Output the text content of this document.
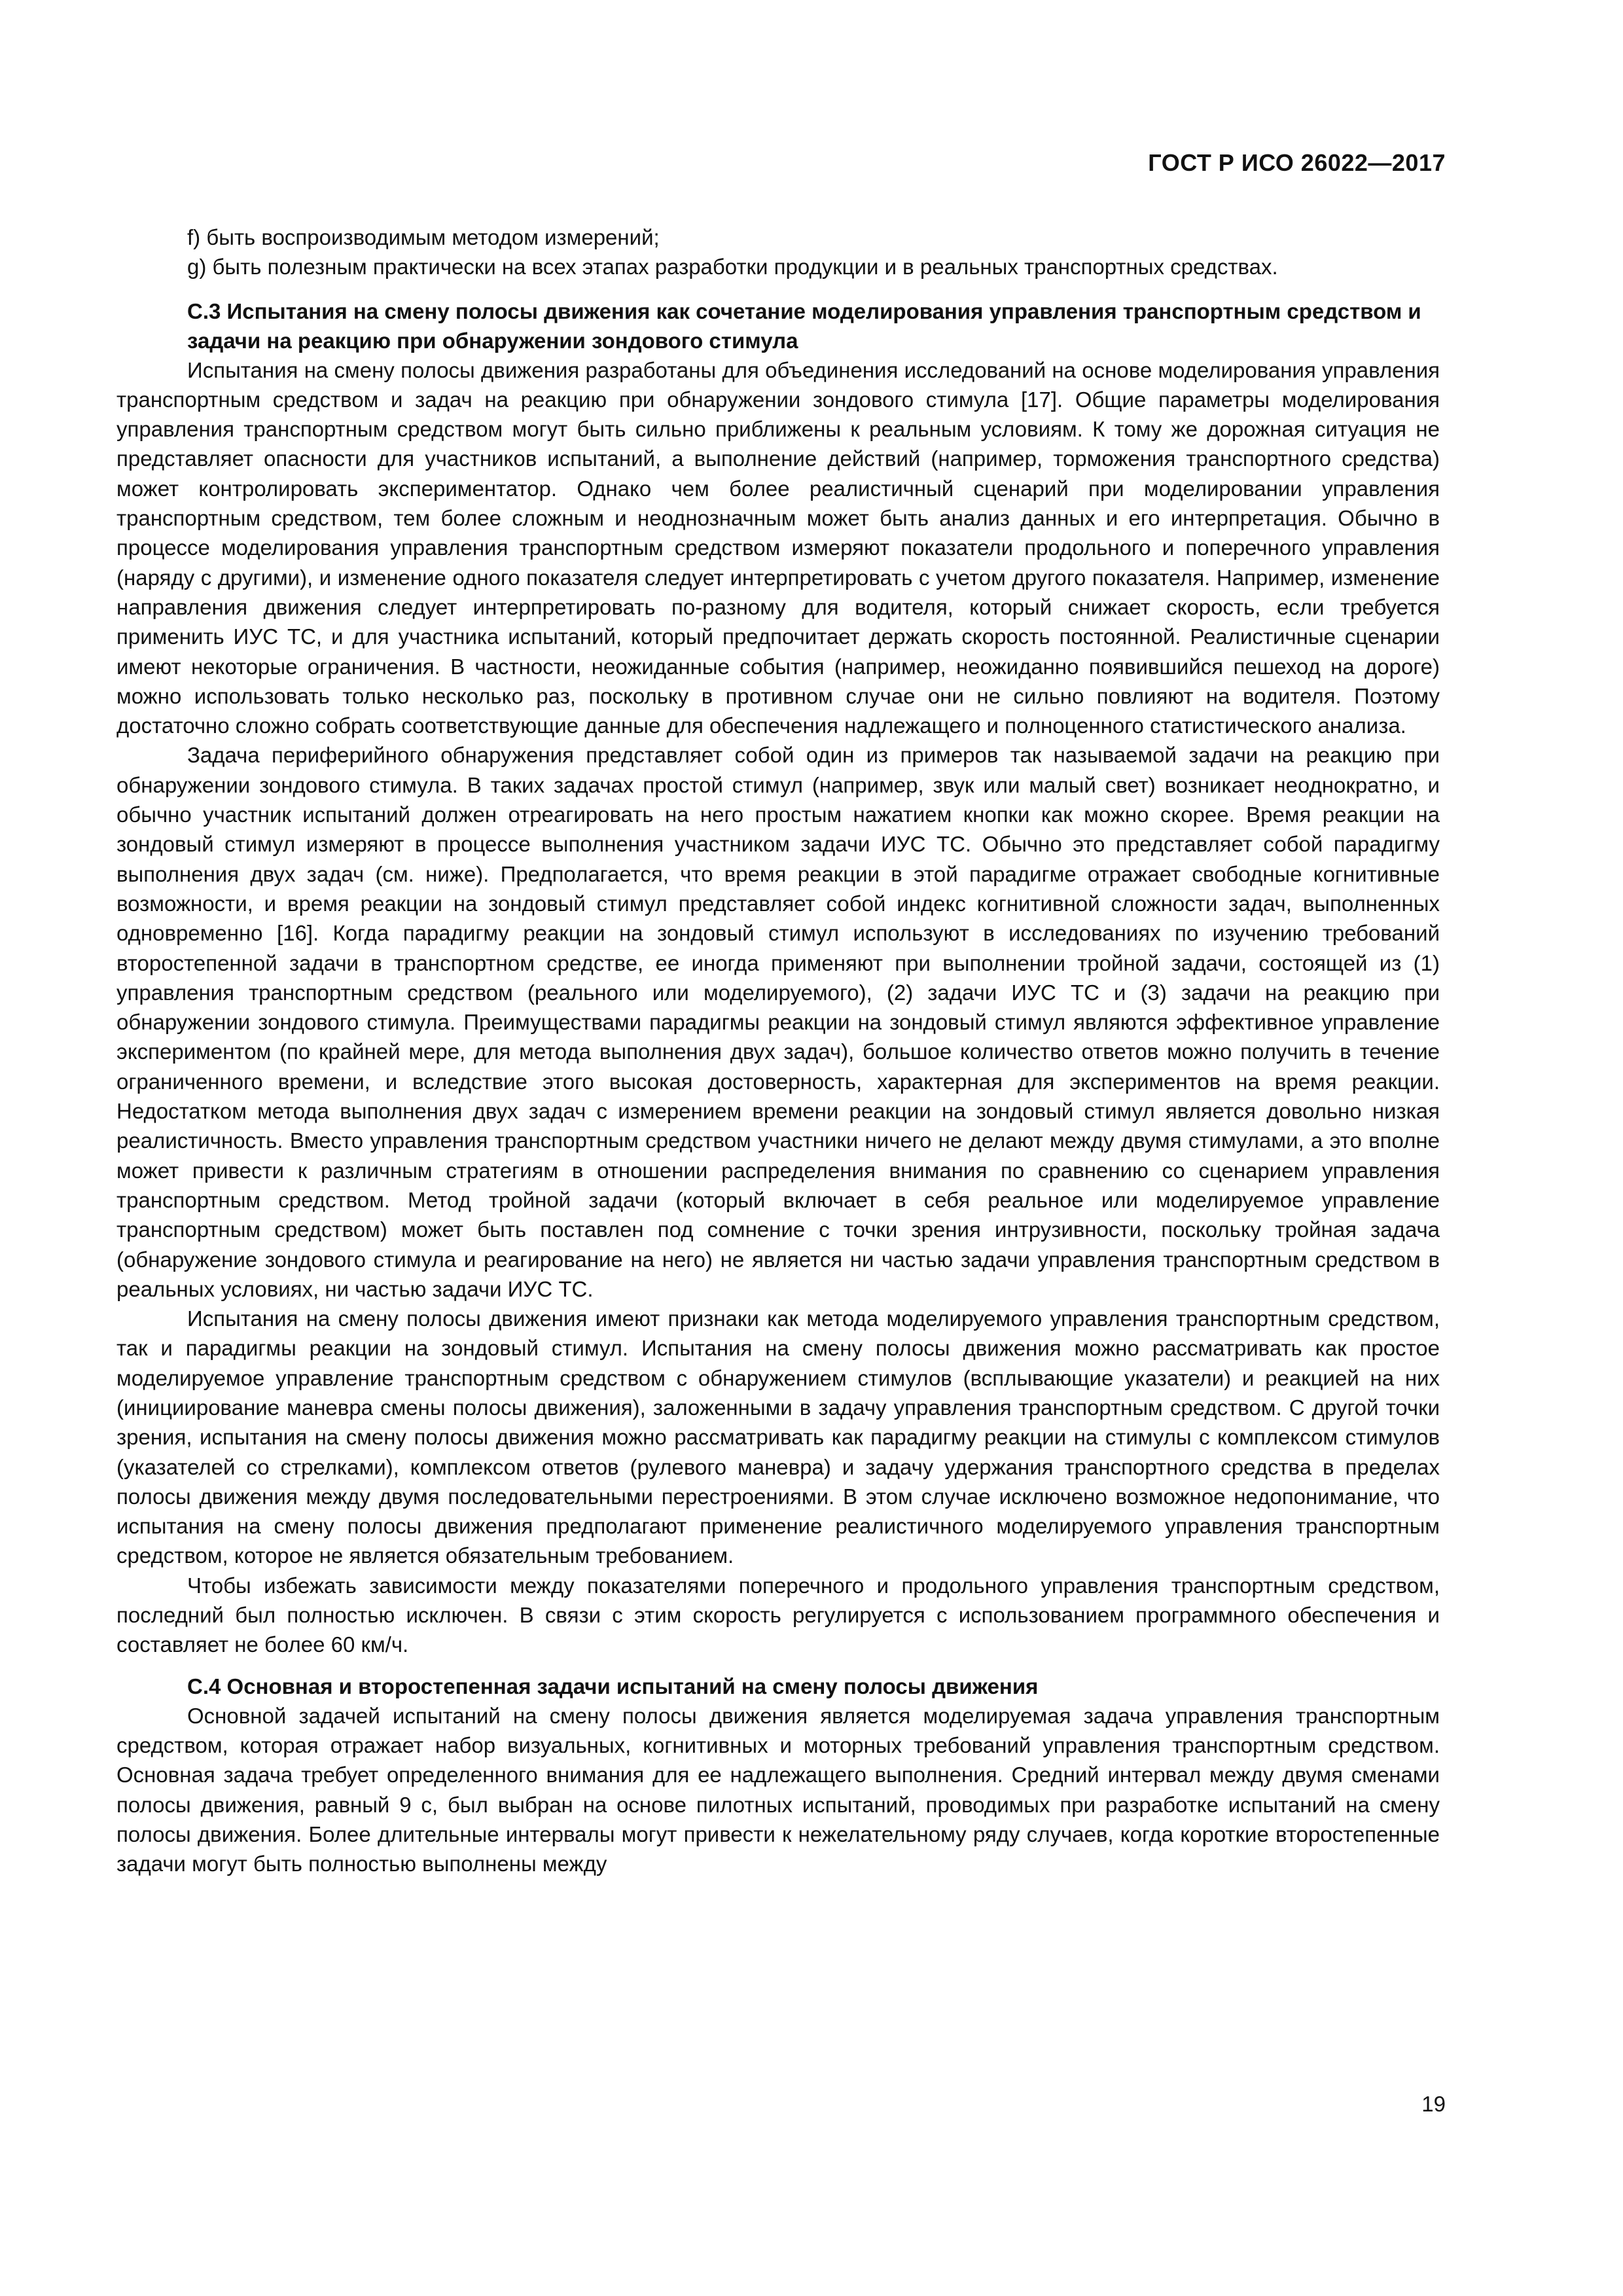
ГОСТ Р ИСО 26022—2017

f) быть воспроизводимым методом измерений;

g) быть полезным практически на всех этапах разработки продукции и в реальных транспортных средствах.

С.3 Испытания на смену полосы движения как сочетание моделирования управления транспортным средством и задачи на реакцию при обнаружении зондового стимула

Испытания на смену полосы движения разработаны для объединения исследований на основе моделирования управления транспортным средством и задач на реакцию при обнаружении зондового стимула [17]. Общие параметры моделирования управления транспортным средством могут быть сильно приближены к реальным условиям. К тому же дорожная ситуация не представляет опасности для участников испытаний, а выполнение действий (например, торможения транспортного средства) может контролировать экспериментатор. Однако чем более реалистичный сценарий при моделировании управления транспортным средством, тем более сложным и неоднозначным может быть анализ данных и его интерпретация. Обычно в процессе моделирования управления транспортным средством измеряют показатели продольного и поперечного управления (наряду с другими), и изменение одного показателя следует интерпретировать с учетом другого показателя. Например, изменение направления движения следует интерпретировать по-разному для водителя, который снижает скорость, если требуется применить ИУС ТС, и для участника испытаний, который предпочитает держать скорость постоянной. Реалистичные сценарии имеют некоторые ограничения. В частности, неожиданные события (например, неожиданно появившийся пешеход на дороге) можно использовать только несколько раз, поскольку в противном случае они не сильно повлияют на водителя. Поэтому достаточно сложно собрать соответствующие данные для обеспечения надлежащего и полноценного статистического анализа.

Задача периферийного обнаружения представляет собой один из примеров так называемой задачи на реакцию при обнаружении зондового стимула. В таких задачах простой стимул (например, звук или малый свет) возникает неоднократно, и обычно участник испытаний должен отреагировать на него простым нажатием кнопки как можно скорее. Время реакции на зондовый стимул измеряют в процессе выполнения участником задачи ИУС ТС. Обычно это представляет собой парадигму выполнения двух задач (см. ниже). Предполагается, что время реакции в этой парадигме отражает свободные когнитивные возможности, и время реакции на зондовый стимул представляет собой индекс когнитивной сложности задач, выполненных одновременно [16]. Когда парадигму реакции на зондовый стимул используют в исследованиях по изучению требований второстепенной задачи в транспортном средстве, ее иногда применяют при выполнении тройной задачи, состоящей из (1) управления транспортным средством (реального или моделируемого), (2) задачи ИУС ТС и (3) задачи на реакцию при обнаружении зондового стимула. Преимуществами парадигмы реакции на зондовый стимул являются эффективное управление экспериментом (по крайней мере, для метода выполнения двух задач), большое количество ответов можно получить в течение ограниченного времени, и вследствие этого высокая достоверность, характерная для экспериментов на время реакции. Недостатком метода выполнения двух задач с измерением времени реакции на зондовый стимул является довольно низкая реалистичность. Вместо управления транспортным средством участники ничего не делают между двумя стимулами, а это вполне может привести к различным стратегиям в отношении распределения внимания по сравнению со сценарием управления транспортным средством. Метод тройной задачи (который включает в себя реальное или моделируемое управление транспортным средством) может быть поставлен под сомнение с точки зрения интрузивности, поскольку тройная задача (обнаружение зондового стимула и реагирование на него) не является ни частью задачи управления транспортным средством в реальных условиях, ни частью задачи ИУС ТС.

Испытания на смену полосы движения имеют признаки как метода моделируемого управления транспортным средством, так и парадигмы реакции на зондовый стимул. Испытания на смену полосы движения можно рассматривать как простое моделируемое управление транспортным средством с обнаружением стимулов (всплывающие указатели) и реакцией на них (инициирование маневра смены полосы движения), заложенными в задачу управления транспортным средством. С другой точки зрения, испытания на смену полосы движения можно рассматривать как парадигму реакции на стимулы с комплексом стимулов (указателей со стрелками), комплексом ответов (рулевого маневра) и задачу удержания транспортного средства в пределах полосы движения между двумя последовательными перестроениями. В этом случае исключено возможное недопонимание, что испытания на смену полосы движения предполагают применение реалистичного моделируемого управления транспортным средством, которое не является обязательным требованием.

Чтобы избежать зависимости между показателями поперечного и продольного управления транспортным средством, последний был полностью исключен. В связи с этим скорость регулируется с использованием программного обеспечения и составляет не более 60 км/ч.

С.4 Основная и второстепенная задачи испытаний на смену полосы движения

Основной задачей испытаний на смену полосы движения является моделируемая задача управления транспортным средством, которая отражает набор визуальных, когнитивных и моторных требований управления транспортным средством. Основная задача требует определенного внимания для ее надлежащего выполнения. Средний интервал между двумя сменами полосы движения, равный 9 с, был выбран на основе пилотных испытаний, проводимых при разработке испытаний на смену полосы движения. Более длительные интервалы могут привести к нежелательному ряду случаев, когда короткие второстепенные задачи могут быть полностью выполнены между

19
